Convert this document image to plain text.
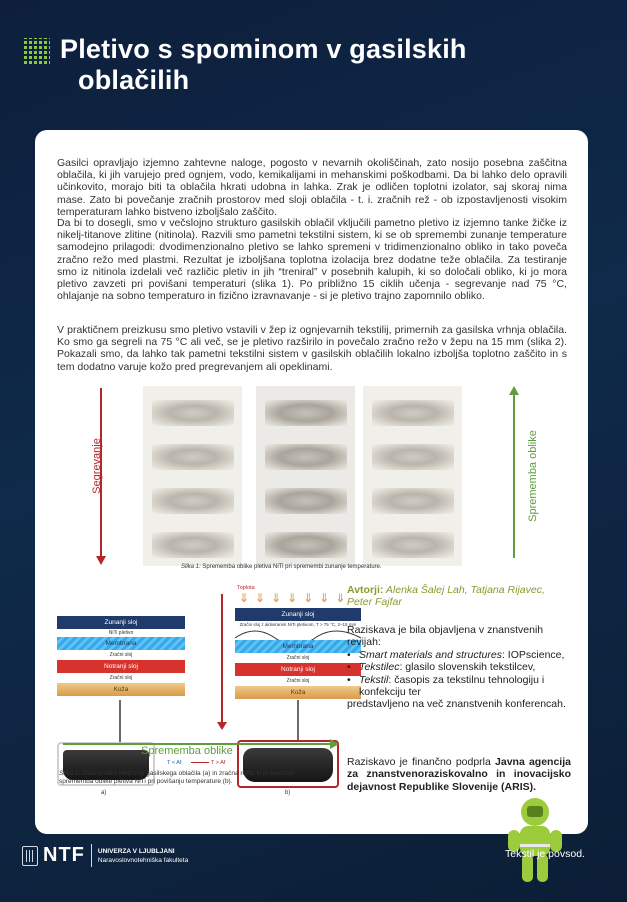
Pletivo s spominom v gasilskih
oblačilih

Gasilci opravljajo izjemno zahtevne naloge, pogosto v nevarnih okoliščinah, zato nosijo posebna zaščitna oblačila, ki jih varujejo pred ognjem, vodo, kemikalijami in mehanskimi poškodbami. Da bi lahko delo opravili učinkovito, morajo biti ta oblačila hkrati udobna in lahka. Zrak je odličen toplotni izolator, saj skoraj nima mase. Zato bi povečanje zračnih prostorov med sloji oblačila - t. i. zračnih rež - ob izpostavljenosti visokim temperaturam lahko bistveno izboljšalo zaščito.

Da bi to dosegli, smo v večslojno strukturo gasilskih oblačil vključili pametno pletivo iz izjemno tanke žičke iz nikelj-titanove zlitine (nitinola). Razvili smo pametni tekstilni sistem, ki se ob spremembi zunanje temperature samodejno prilagodi: dvodimenzionalno pletivo se lahko spremeni v tridimenzionalno obliko in tako poveča zračno režo med plastmi. Rezultat je izboljšana toplotna izolacija brez dodatne teže oblačila. Za testiranje smo iz nitinola izdelali več različic pletiv in jih “treniral” v posebnih kalupih, ki so določali obliko, ki jo mora pletivo zavzeti pri povišani temperaturi (slika 1). Po približno 15 ciklih učenja - segrevanje nad 75 °C, ohlajanje na sobno temperaturo in fizično izravnavanje - si je pletivo trajno zapomnilo obliko.

V praktičnem preizkusu smo pletivo vstavili v žep iz ognjevarnih tekstilij, primernih za gasilska vrhnja oblačila. Ko smo ga segreli na 75 °C ali več, se je pletivo razširilo in povečalo zračno režo v žepu na 15 mm (slika 2). Pokazali smo, da lahko tak pametni tekstilni sistem v gasilskih oblačilih lokalno izboljša toplotno zaščito in s tem dodatno varuje kožo pred pregrevanjem ali opeklinami.

Segrevanje	Sprememba oblike
Slika 1: Sprememba oblike pletiva NiTi pri spremembi zunanje temperature.
Toplota
⇓⇓⇓⇓⇓⇓⇓
Zunanji sloj
NiTi pletivo
Membrana
Zračni sloj
Notranji sloj
Zračni sloj
Koža
Zunanji sloj
Zračni sloj z aktiviranim NiTi pletivom, T > 75 °C, 2–15 mm
Membrana
Zračni sloj
Notranji sloj
Zračni sloj
Koža
T < Af	T > Af
a)	b)
Sprememba oblike
Slika 2: Zračna reža med sloji gasilskega oblačila (a) in zračna reža, ki jo povzroči sprememba oblike pletiva NiTi pri povišanju temperature (b).
Avtorji: Alenka Šalej Lah, Tatjana Rijavec, Peter Fajfar
Raziskava je bila objavljena v znanstvenih revijah:
• Smart materials and structures: IOPscience,
• Tekstilec: glasilo slovenskih tekstilcev,
• Tekstil: časopis za tekstilnu tehnologiju i konfekciju ter
predstavljeno na več znanstvenih konferencah.
Raziskavo je finančno podprla Javna agencija za znanstvenoraziskovalno in inovacijsko dejavnost Republike Slovenije (ARIS).
NTF	UNIVERZA V LJUBLJANI
Naravoslovnotehniška fakulteta	Tekstil je povsod.
